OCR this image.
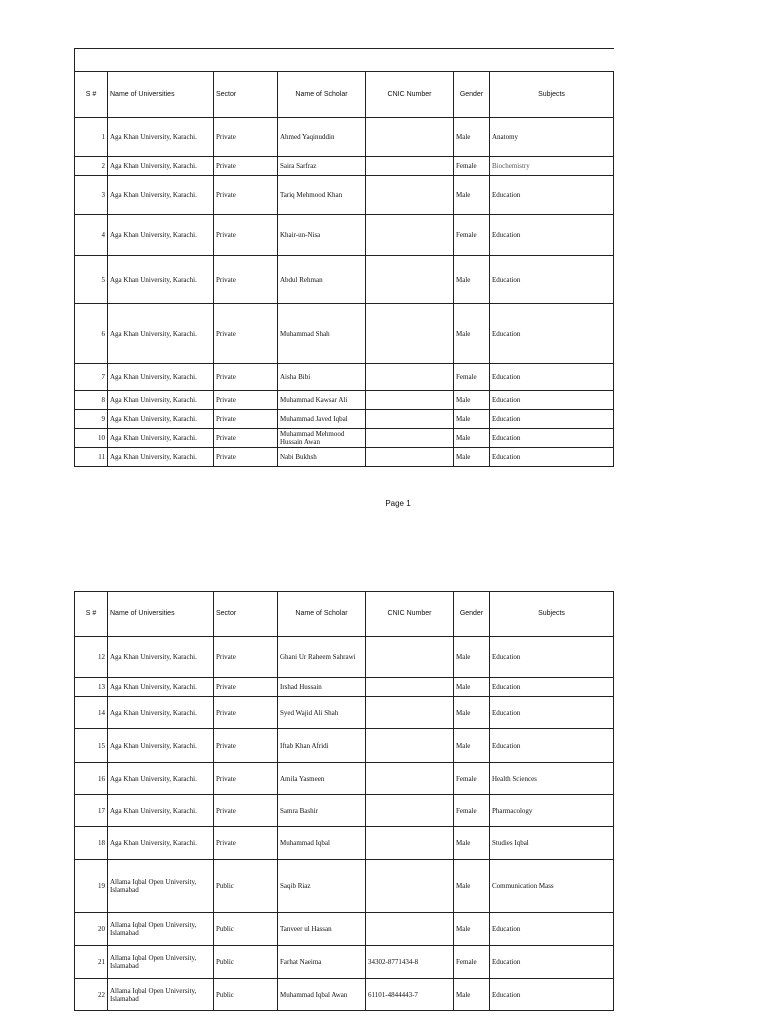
S #	Name of Universities	Sector	Name of Scholar	CNIC Number	Gender	Subjects
1	Aga Khan University, Karachi.	Private	Ahmed Yaqinuddin		Male	Anatomy
2	Aga Khan University, Karachi.	Private	Saira Sarfraz		Female	Biochemistry
3	Aga Khan University, Karachi.	Private	Tariq Mehmood Khan		Male	Education
4	Aga Khan University, Karachi.	Private	Khair-un-Nisa		Female	Education
5	Aga Khan University, Karachi.	Private	Abdul Rehman		Male	Education
6	Aga Khan University, Karachi.	Private	Muhammad Shah		Male	Education
7	Aga Khan University, Karachi.	Private	Aisha Bibi		Female	Education
8	Aga Khan University, Karachi.	Private	Muhammad Kawsar Ali		Male	Education
9	Aga Khan University, Karachi.	Private	Muhammad Javed Iqbal		Male	Education
10	Aga Khan University, Karachi.	Private	Muhammad Mehmood Hussain Awan		Male	Education
11	Aga Khan University, Karachi.	Private	Nabi Bukhsh		Male	Education
Page 1
S #	Name of Universities	Sector	Name of Scholar	CNIC Number	Gender	Subjects
12	Aga Khan University, Karachi.	Private	Ghani Ur Raheem Sahrawi		Male	Education
13	Aga Khan University, Karachi.	Private	Irshad Hussain		Male	Education
14	Aga Khan University, Karachi.	Private	Syed Wajid Ali Shah		Male	Education
15	Aga Khan University, Karachi.	Private	Iftab Khan Afridi		Male	Education
16	Aga Khan University, Karachi.	Private	Amila Yasmeen		Female	Health Sciences
17	Aga Khan University, Karachi.	Private	Samra Bashir		Female	Pharmacology
18	Aga Khan University, Karachi.	Private	Muhammad Iqbal		Male	Studies Iqbal
19	Allama Iqbal Open University, Islamabad	Public	Saqib Riaz		Male	Communication Mass
20	Allama Iqbal Open University, Islamabad	Public	Tanveer ul Hassan		Male	Education
21	Allama Iqbal Open University, Islamabad	Public	Farhat Naeima	34302-8771434-8	Female	Education
22	Allama Iqbal Open University, Islamabad	Public	Muhammad Iqbal Awan	61101-4844443-7	Male	Education
